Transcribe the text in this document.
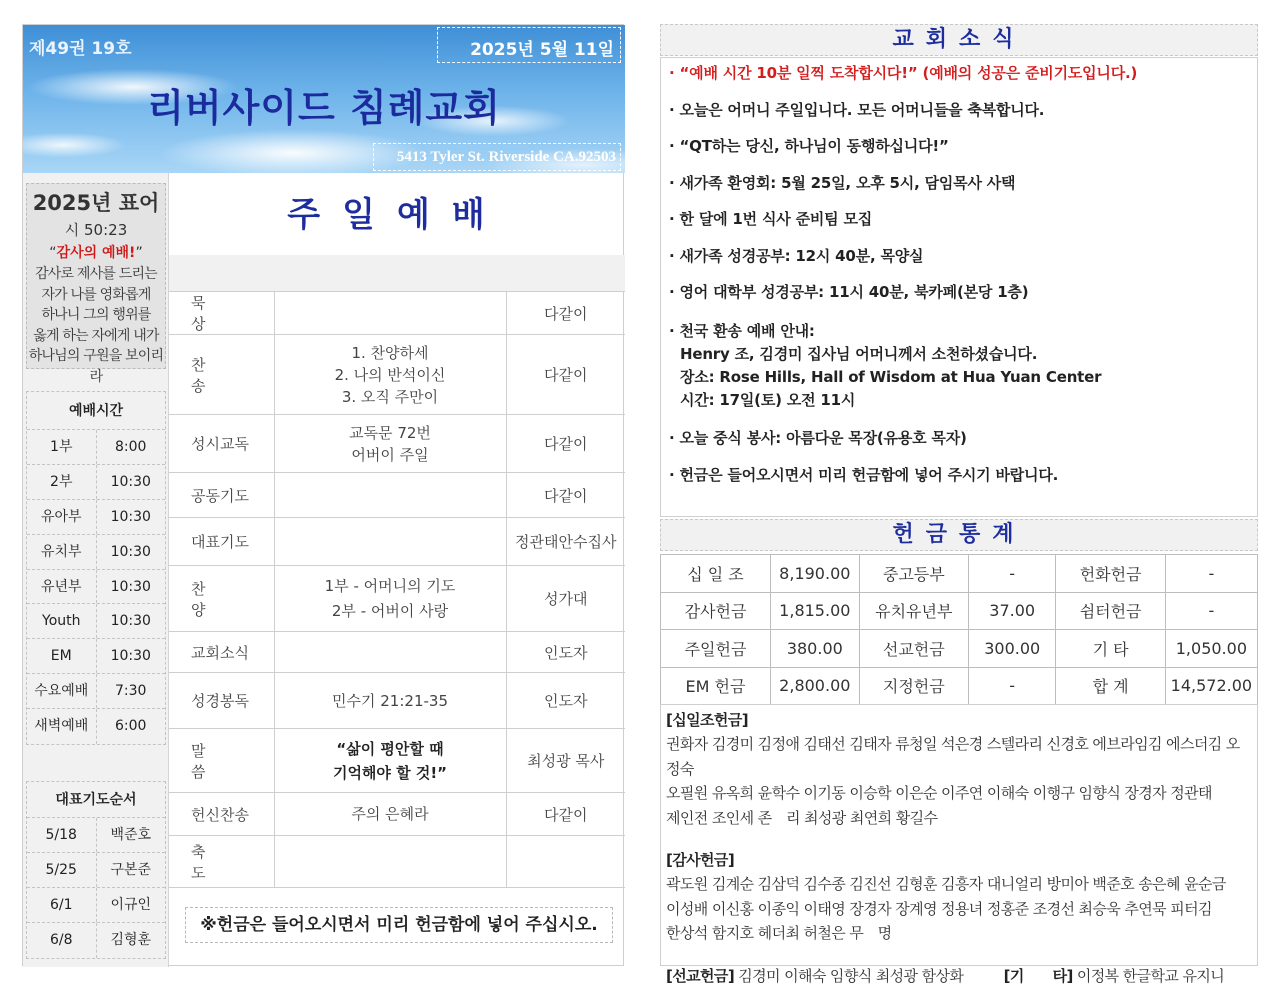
제49권 19호	2025년 5월 11일
리버사이드 침례교회
5413 Tyler St. Riverside CA.92503
2025년 표어
시 50:23
“감사의 예배!”
감사로 제사를 드리는
자가 나를 영화롭게
하나니 그의 행위를
옳게 하는 자에게 내가
하나님의 구원을 보이리라
예배시간
1부	8:00
2부	10:30
유아부	10:30
유치부	10:30
유년부	10:30
Youth	10:30
EM	10:30
수요예배	7:30
새벽예배	6:00
대표기도순서
5/18	백준호
5/25	구본준
6/1	이규인
6/8	김형훈
주일예배
묵상		다같이
찬송	1. 찬양하세
2. 나의 반석이신
3. 오직 주만이	다같이
성시교독	교독문 72번
어버이 주일	다같이
공동기도		다같이
대표기도		정관태안수집사
찬양	1부 - 어머니의 기도
2부 - 어버이 사랑	성가대
교회소식		인도자
성경봉독	민수기 21:21-35	인도자
말씀	“삶이 평안할 때
기억해야 할 것!”	최성광 목사
헌신찬송	주의 은혜라	다같이
축도		
※헌금은 들어오시면서 미리 헌금함에 넣어 주십시오.
교회소식
· “예배 시간 10분 일찍 도착합시다!” (예배의 성공은 준비기도입니다.)
· 오늘은 어머니 주일입니다. 모든 어머니들을 축복합니다.
· “QT하는 당신, 하나님이 동행하십니다!”
· 새가족 환영회: 5월 25일, 오후 5시, 담임목사 사택
· 한 달에 1번 식사 준비팀 모집
· 새가족 성경공부: 12시 40분, 목양실
· 영어 대학부 성경공부: 11시 40분, 북카페(본당 1층)
· 천국 환송 예배 안내:
Henry 조, 김경미 집사님 어머니께서 소천하셨습니다.
장소: Rose Hills, Hall of Wisdom at Hua Yuan Center
시간: 17일(토) 오전 11시
· 오늘 중식 봉사: 아름다운 목장(유용호 목자)
· 헌금은 들어오시면서 미리 헌금함에 넣어 주시기 바랍니다.
헌금통계
십 일 조	8,190.00	중고등부	-	헌화헌금	-
감사헌금	1,815.00	유치유년부	37.00	쉼터헌금	-
주일헌금	380.00	선교헌금	300.00	기 타	1,050.00
EM 헌금	2,800.00	지정헌금	-	합 계	14,572.00
[십일조헌금]
권화자 김경미 김정애 김태선 김태자 류청일 석은경 스텔라리 신경호 에브라임김 에스더김 오정숙
오필원 유옥희 윤학수 이기동 이승학 이은순 이주연 이해숙 이행구 임향식 장경자 정관태
제인전 조인세 존　리 최성광 최연희 황길수
[감사헌금]
곽도원 김계순 김삼덕 김수종 김진선 김형훈 김흥자 대니얼리 방미아 백준호 송은혜 윤순금
이성배 이신홍 이종익 이태영 장경자 장계영 정용녀 정홍준 조경선 최승욱 추연묵 피터김
한상석 함지호 헤더최 허철은 무　명
[선교헌금] 김경미 이해숙 임향식 최성광 함상화	[기　　타] 이정복 한글학교 유지니
